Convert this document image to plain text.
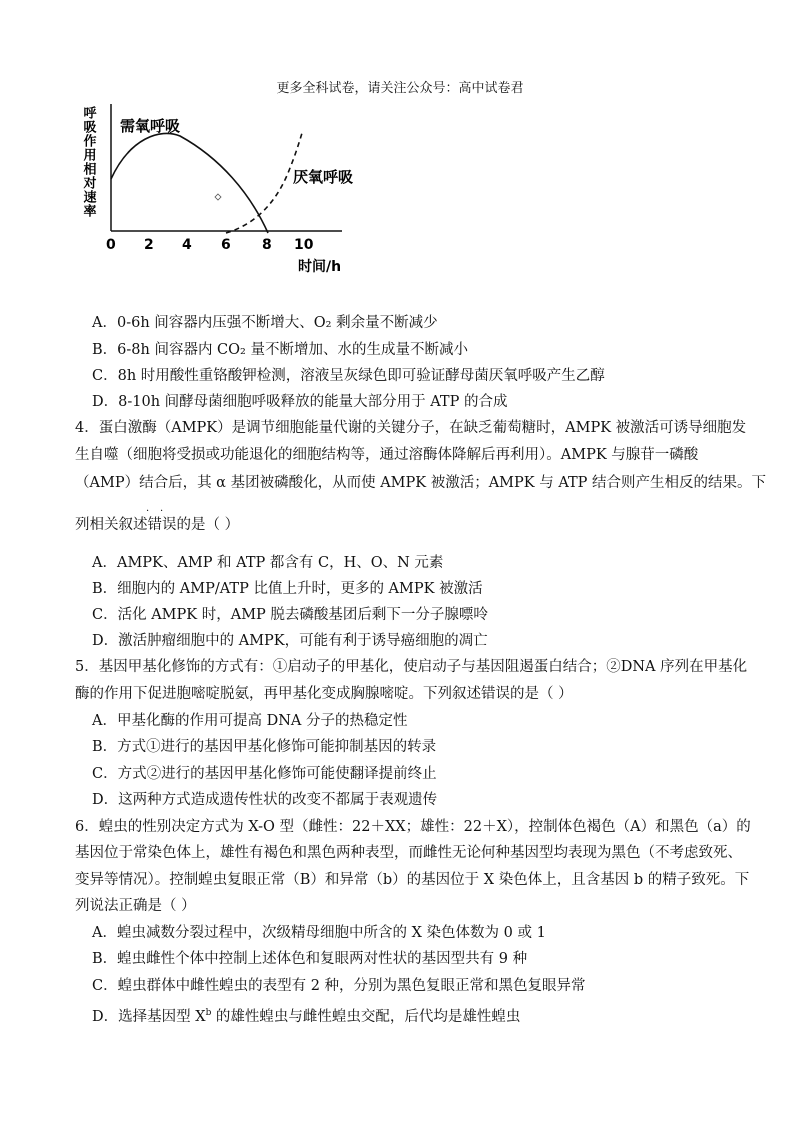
更多全科试卷，请关注公众号：高中试卷君
呼吸作用相对速率 需氧呼吸
厌氧呼吸
0 2 4 6 8 10
时间/h
A．0-6h 间容器内压强不断增大、O₂ 剩余量不断减少
B．6-8h 间容器内 CO₂ 量不断增加、水的生成量不断减小
C．8h 时用酸性重铬酸钾检测，溶液呈灰绿色即可验证酵母菌厌氧呼吸产生乙醇
D．8-10h 间酵母菌细胞呼吸释放的能量大部分用于 ATP 的合成
4．蛋白激酶（AMPK）是调节细胞能量代谢的关键分子，在缺乏葡萄糖时，AMPK 被激活可诱导细胞发
生自噬（细胞将受损或功能退化的细胞结构等，通过溶酶体降解后再利用）。AMPK 与腺苷一磷酸
（AMP）结合后，其 α 基团被磷酸化，从而使 AMPK 被激活；AMPK 与 ATP 结合则产生相反的结果。下
· ·
列相关叙述错误的是（ ）
A．AMPK、AMP 和 ATP 都含有 C，H、O、N 元素
B．细胞内的 AMP/ATP 比值上升时，更多的 AMPK 被激活
C．活化 AMPK 时，AMP 脱去磷酸基团后剩下一分子腺嘌呤
D．激活肿瘤细胞中的 AMPK，可能有利于诱导癌细胞的凋亡
5．基因甲基化修饰的方式有：①启动子的甲基化，使启动子与基因阻遏蛋白结合；②DNA 序列在甲基化
酶的作用下促进胞嘧啶脱氨，再甲基化变成胸腺嘧啶。下列叙述错误的是（ ）
A．甲基化酶的作用可提高 DNA 分子的热稳定性
B．方式①进行的基因甲基化修饰可能抑制基因的转录
C．方式②进行的基因甲基化修饰可能使翻译提前终止
D．这两种方式造成遗传性状的改变不都属于表观遗传
6．蝗虫的性别决定方式为 X-O 型（雌性：22＋XX；雄性：22＋X），控制体色褐色（A）和黑色（a）的
基因位于常染色体上，雄性有褐色和黑色两种表型，而雌性无论何种基因型均表现为黑色（不考虑致死、
变异等情况）。控制蝗虫复眼正常（B）和异常（b）的基因位于 X 染色体上，且含基因 b 的精子致死。下
列说法正确是（ ）
A．蝗虫减数分裂过程中，次级精母细胞中所含的 X 染色体数为 0 或 1
B．蝗虫雌性个体中控制上述体色和复眼两对性状的基因型共有 9 种
C．蝗虫群体中雌性蝗虫的表型有 2 种，分别为黑色复眼正常和黑色复眼异常
D．选择基因型 $X^b$ 的雄性蝗虫与雌性蝗虫交配，后代均是雄性蝗虫
